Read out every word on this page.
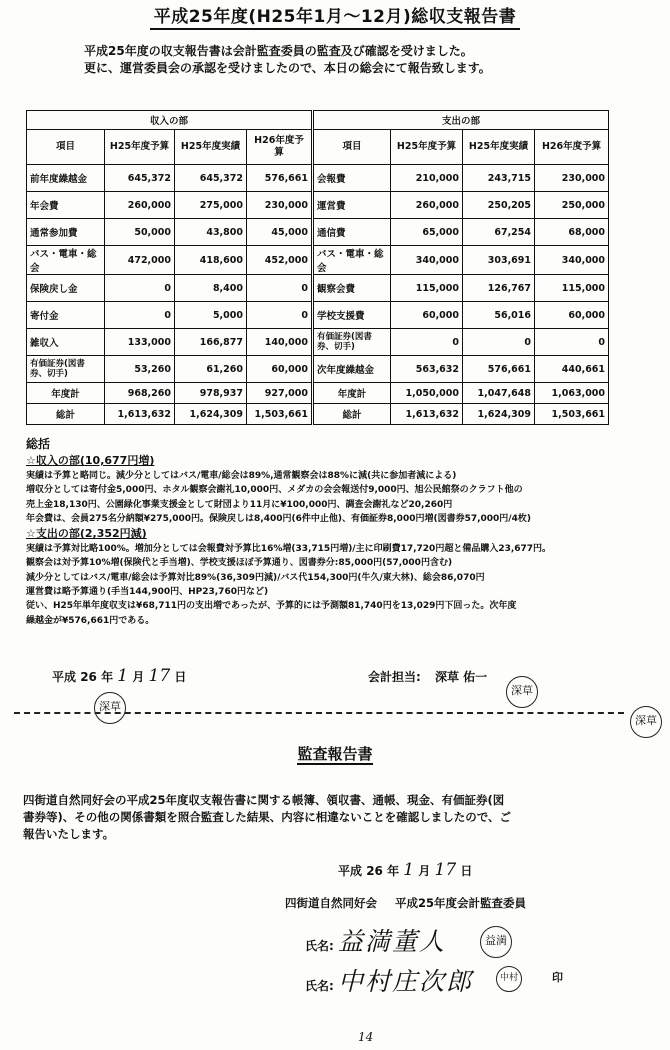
平成25年度(H25年1月〜12月)総収支報告書
平成25年度の収支報告書は会計監査委員の監査及び確認を受けました。
更に、運営委員会の承認を受けましたので、本日の総会にて報告致します。
収入の部				支出の部			
項目	H25年度予算	H25年度実績	H26年度予算	項目	H25年度予算	H25年度実績	H26年度予算
前年度繰越金	645,372	645,372	576,661	会報費	210,000	243,715	230,000
年会費	260,000	275,000	230,000	運営費	260,000	250,205	250,000
通常参加費	50,000	43,800	45,000	通信費	65,000	67,254	68,000
バス・電車・総会	472,000	418,600	452,000	バス・電車・総会	340,000	303,691	340,000
保険戻し金	0	8,400	0	観察会費	115,000	126,767	115,000
寄付金	0	5,000	0	学校支援費	60,000	56,016	60,000
雑収入	133,000	166,877	140,000	有価証券(図書券、切手)	0	0	0
有価証券(図書券、切手)	53,260	61,260	60,000	次年度繰越金	563,632	576,661	440,661
年度計	968,260	978,937	927,000	年度計	1,050,000	1,047,648	1,063,000
総計	1,613,632	1,624,309	1,503,661	総計	1,613,632	1,624,309	1,503,661

総括

☆収入の部(10,677円増)

実績は予算と略同じ。減少分としてはバス/電車/総会は89%,通常観察会は88%に減(共に参加者減による)

増収分としては寄付金5,000円、ホタル観察会謝礼10,000円、メダカの会会報送付9,000円、旭公民館祭のクラフト他の

売上金18,130円、公園緑化事業支援金として財団より11月に¥100,000円、調査会謝礼など20,260円

年会費は、会員275名分納額¥275,000円。保険戻しは8,400円(6件中止他)、有価証券8,000円増(図書券57,000円/4枚)

☆支出の部(2,352円減)

実績は予算対比略100%。増加分としては会報費対予算比16%増(33,715円増)/主に印刷費17,720円超と備品購入23,677円。

観察会は対予算10%増(保険代と手当増)、学校支援ほぼ予算通り、図書券分:85,000円(57,000円含む)

減少分としてはバス/電車/総会は予算対比89%(36,309円減)/バス代154,300円(牛久/東大林)、総会86,070円

運営費は略予算通り(手当144,900円、HP23,760円など)

従い、H25年単年度収支は¥68,711円の支出増であったが、予算的には予測額81,740円を13,029円下回った。次年度

繰越金が¥576,661円である。

平成 26 年 1 月 17 日	会計担当: 深草 佑一
深草
深草
深草
監査報告書
四街道自然同好会の平成25年度収支報告書に関する帳簿、領収書、通帳、現金、有価証券(図
書券等)、その他の関係書類を照合監査した結果、内容に相違ないことを確認しましたので、ご
報告いたします。
平成 26 年 1 月 17 日
四街道自然同好会 平成25年度会計監査委員
氏名: 益満董人	益満
氏名: 中村庄次郎	中村	印
14
